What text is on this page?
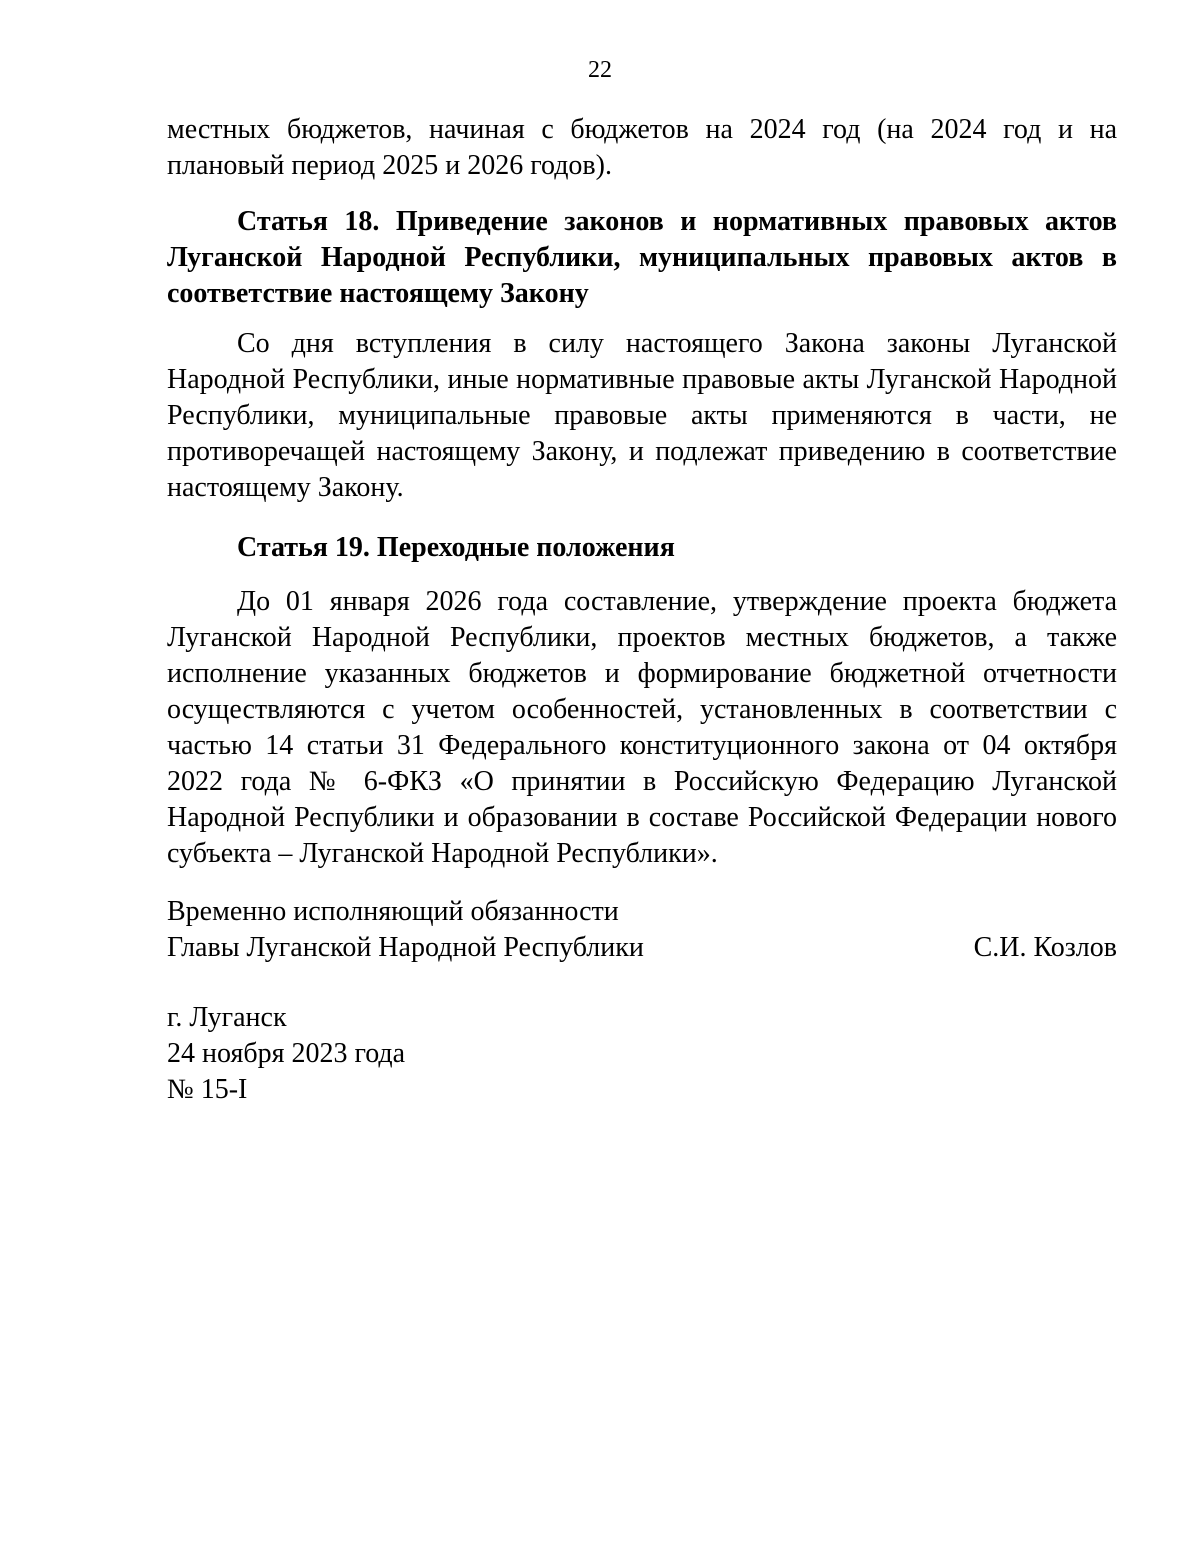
22

местных бюджетов, начиная с бюджетов на 2024 год (на 2024 год и на плановый период 2025 и 2026 годов).

Статья 18. Приведение законов и нормативных правовых актов Луганской Народной Республики, муниципальных правовых актов в соответствие настоящему Закону

Со дня вступления в силу настоящего Закона законы Луганской Народной Республики, иные нормативные правовые акты Луганской Народной Республики, муниципальные правовые акты применяются в части, не противоречащей настоящему Закону, и подлежат приведению в соответствие настоящему Закону.

Статья 19. Переходные положения

До 01 января 2026 года составление, утверждение проекта бюджета Луганской Народной Республики, проектов местных бюджетов, а также исполнение указанных бюджетов и формирование бюджетной отчетности осуществляются с учетом особенностей, установленных в соответствии с частью 14 статьи 31 Федерального конституционного закона от 04 октября 2022 года № 6-ФКЗ «О принятии в Российскую Федерацию Луганской Народной Республики и образовании в составе Российской Федерации нового субъекта – Луганской Народной Республики».

Временно исполняющий обязанности
Главы Луганской Народной Республики	С.И. Козлов
г. Луганск
24 ноября 2023 года
№ 15-I
